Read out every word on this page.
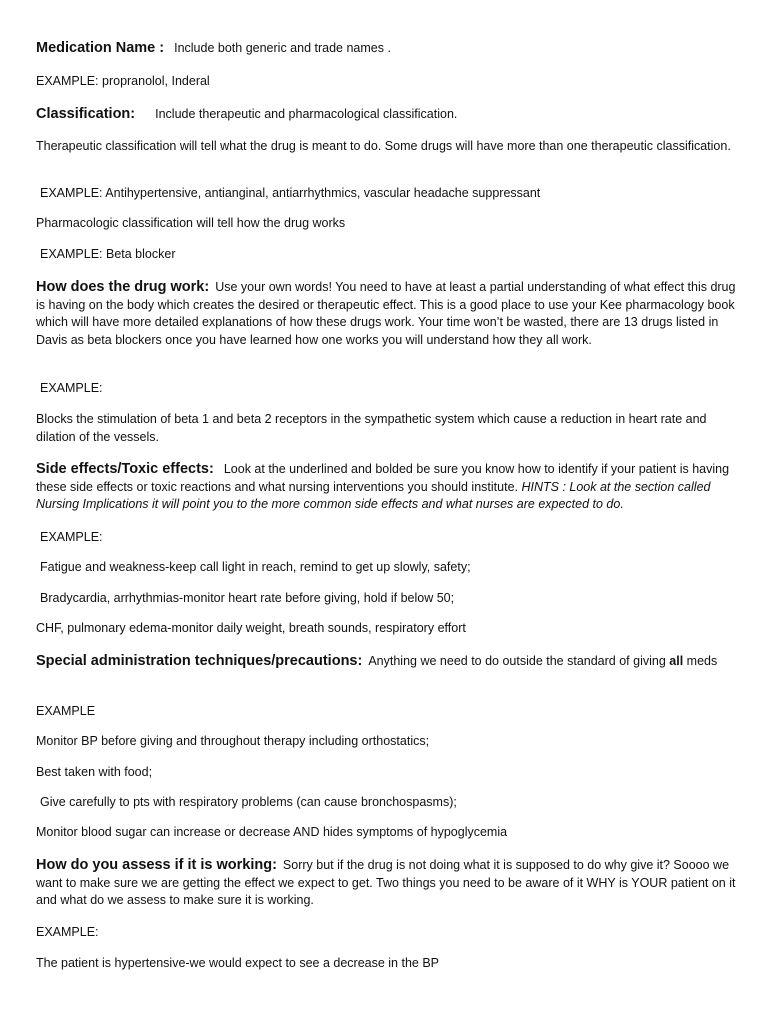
Medication Name : Include both generic and trade names .

EXAMPLE: propranolol, Inderal

Classification: Include therapeutic and pharmacological classification.

Therapeutic classification will tell what the drug is meant to do. Some drugs will have more than one therapeutic classification.

EXAMPLE: Antihypertensive, antianginal, antiarrhythmics, vascular headache suppressant

Pharmacologic classification will tell how the drug works

EXAMPLE: Beta blocker

How does the drug work: Use your own words! You need to have at least a partial understanding of what effect this drug is having on the body which creates the desired or therapeutic effect. This is a good place to use your Kee pharmacology book which will have more detailed explanations of how these drugs work. Your time won’t be wasted, there are 13 drugs listed in Davis as beta blockers once you have learned how one works you will understand how they all work.

EXAMPLE:

Blocks the stimulation of beta 1 and beta 2 receptors in the sympathetic system which cause a reduction in heart rate and dilation of the vessels.

Side effects/Toxic effects: Look at the underlined and bolded be sure you know how to identify if your patient is having these side effects or toxic reactions and what nursing interventions you should institute. HINTS : Look at the section called Nursing Implications it will point you to the more common side effects and what nurses are expected to do.

EXAMPLE:

Fatigue and weakness-keep call light in reach, remind to get up slowly, safety;

Bradycardia, arrhythmias-monitor heart rate before giving, hold if below 50;

CHF, pulmonary edema-monitor daily weight, breath sounds, respiratory effort

Special administration techniques/precautions: Anything we need to do outside the standard of giving all meds

EXAMPLE

Monitor BP before giving and throughout therapy including orthostatics;

Best taken with food;

Give carefully to pts with respiratory problems (can cause bronchospasms);

Monitor blood sugar can increase or decrease AND hides symptoms of hypoglycemia

How do you assess if it is working: Sorry but if the drug is not doing what it is supposed to do why give it? Soooo we want to make sure we are getting the effect we expect to get. Two things you need to be aware of it WHY is YOUR patient on it and what do we assess to make sure it is working.

EXAMPLE:

The patient is hypertensive-we would expect to see a decrease in the BP
